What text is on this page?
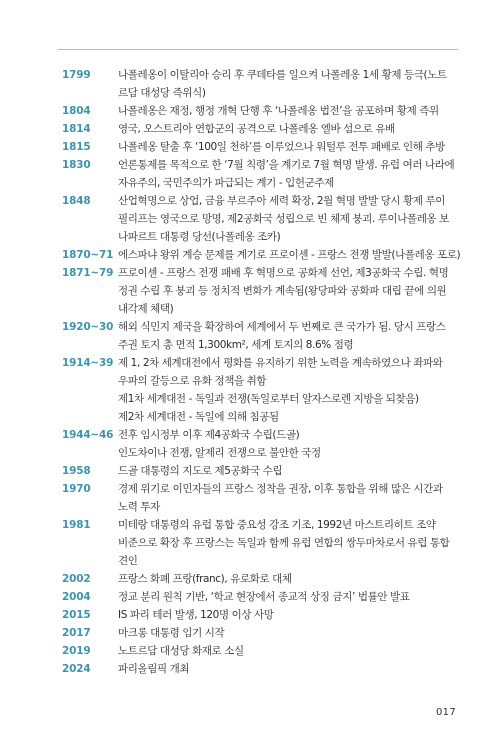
1799	나폴레옹이 이탈리아 승리 후 쿠데타를 일으켜 나폴레옹 1세 황제 등극(노트
르담 대성당 즉위식)
1804	나폴레옹은 재정, 행정 개혁 단행 후 ‘나폴레옹 법전’을 공포하며 황제 즉위
1814	영국, 오스트리아 연합군의 공격으로 나폴레옹 엘바 섬으로 유배
1815	나폴레옹 탈출 후 ‘100일 천하’를 이루었으나 워털루 전투 패배로 인해 추방
1830	언론통제를 목적으로 한 ‘7월 칙령’을 계기로 7월 혁명 발생. 유럽 여러 나라에
자유주의, 국민주의가 파급되는 계기 - 입헌군주제
1848	산업혁명으로 상업, 금융 부르주아 세력 확장, 2월 혁명 발발 당시 황제 루이
필리프는 영국으로 망명, 제2공화국 성립으로 빈 체제 붕괴. 루이나폴레옹 보
나파르트 대통령 당선(나폴레옹 조카)
1870~71 에스파냐 왕위 계승 문제를 계기로 프로이센 - 프랑스 전쟁 발발(나폴레옹 포로)
1871~79 프로이센 - 프랑스 전쟁 패배 후 혁명으로 공화제 선언, 제3공화국 수립. 혁명
정권 수립 후 붕괴 등 정치적 변화가 계속됨(왕당파와 공화파 대립 끝에 의원
내각제 체택)
1920~30 해외 식민지 제국을 확장하여 세계에서 두 번째로 큰 국가가 됨. 당시 프랑스
주권 토지 총 면적 1,300km², 세계 토지의 8.6% 점령
1914~39 제 1, 2차 세계대전에서 평화를 유지하기 위한 노력을 계속하였으나 좌파와
우파의 갈등으로 유화 정책을 취함
제1차 세계대전 - 독일과 전쟁(독일로부터 알자스로렌 지방을 되찾음)
제2차 세계대전 - 독일에 의해 침공됨
1944~46 전후 임시정부 이후 제4공화국 수립(드골)
인도차이나 전쟁, 알제리 전쟁으로 불안한 국정
1958	드골 대통령의 지도로 제5공화국 수립
1970	경제 위기로 이민자들의 프랑스 정착을 권장, 이후 통합을 위해 많은 시간과
노력 투자
1981	미테랑 대통령의 유럽 통합 중요성 강조 기조, 1992년 마스트리히트 조약
비준으로 확장 후 프랑스는 독일과 함께 유럽 연합의 쌍두마차로서 유럽 통합
견인
2002	프랑스 화폐 프랑(franc), 유로화로 대체
2004	정교 분리 원칙 기반, ‘학교 현장에서 종교적 상징 금지’ 법률안 발표
2015	IS 파리 테러 발생, 120명 이상 사망
2017	마크롱 대통령 임기 시작
2019	노트르담 대성당 화재로 소실
2024	파리올림픽 개최
017
